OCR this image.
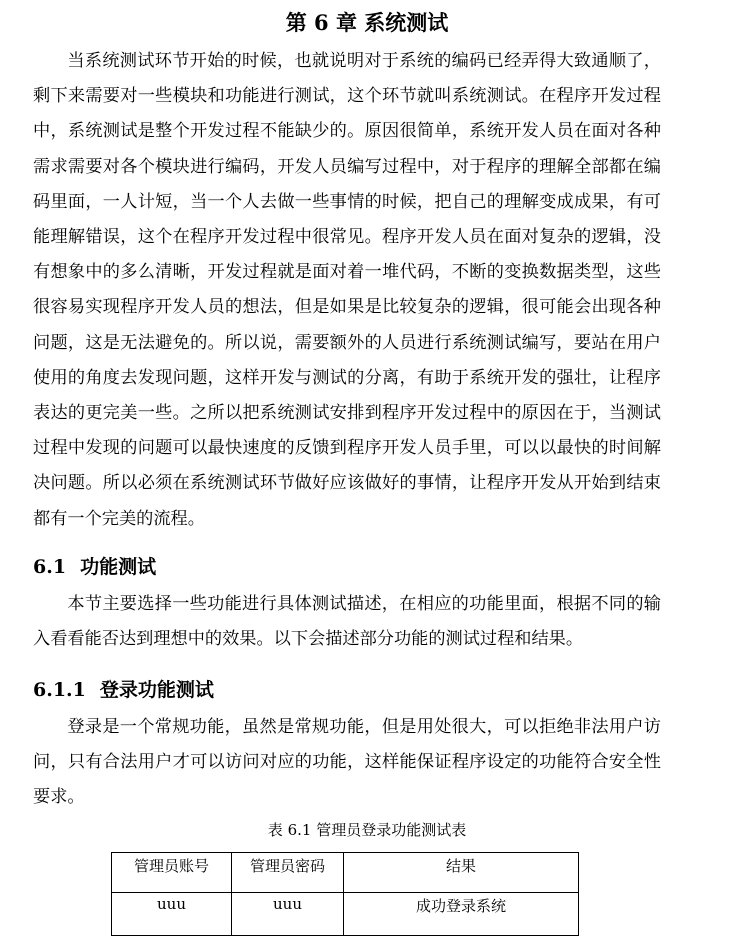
第 6 章 系统测试

当系统测试环节开始的时候，也就说明对于系统的编码已经弄得大致通顺了，剩下来需要对一些模块和功能进行测试，这个环节就叫系统测试。在程序开发过程中，系统测试是整个开发过程不能缺少的。原因很简单，系统开发人员在面对各种需求需要对各个模块进行编码，开发人员编写过程中，对于程序的理解全部都在编码里面，一人计短，当一个人去做一些事情的时候，把自己的理解变成成果，有可能理解错误，这个在程序开发过程中很常见。程序开发人员在面对复杂的逻辑，没有想象中的多么清晰，开发过程就是面对着一堆代码，不断的变换数据类型，这些很容易实现程序开发人员的想法，但是如果是比较复杂的逻辑，很可能会出现各种问题，这是无法避免的。所以说，需要额外的人员进行系统测试编写，要站在用户使用的角度去发现问题，这样开发与测试的分离，有助于系统开发的强壮，让程序表达的更完美一些。之所以把系统测试安排到程序开发过程中的原因在于，当测试过程中发现的问题可以最快速度的反馈到程序开发人员手里，可以以最快的时间解决问题。所以必须在系统测试环节做好应该做好的事情，让程序开发从开始到结束都有一个完美的流程。

6.1 功能测试

本节主要选择一些功能进行具体测试描述，在相应的功能里面，根据不同的输入看看能否达到理想中的效果。以下会描述部分功能的测试过程和结果。

6.1.1 登录功能测试

登录是一个常规功能，虽然是常规功能，但是用处很大，可以拒绝非法用户访问，只有合法用户才可以访问对应的功能，这样能保证程序设定的功能符合安全性要求。

表 6.1 管理员登录功能测试表

管理员账号	管理员密码	结果
uuu	uuu	成功登录系统
